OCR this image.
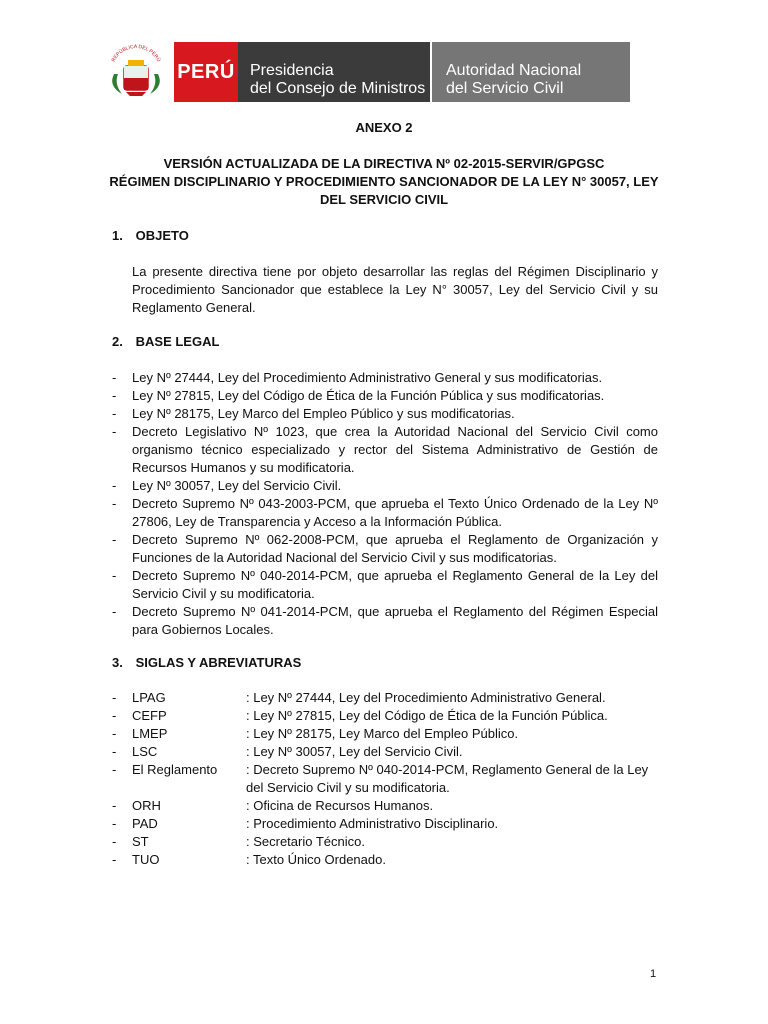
REPÚBLICA DEL PERÚ
PERÚ Presidencia
del Consejo de Ministros
Autoridad Nacional
del Servicio Civil
ANEXO 2
VERSIÓN ACTUALIZADA DE LA DIRECTIVA Nº 02-2015-SERVIR/GPGSC
RÉGIMEN DISCIPLINARIO Y PROCEDIMIENTO SANCIONADOR DE LA LEY N° 30057, LEY DEL SERVICIO CIVIL
1. OBJETO
La presente directiva tiene por objeto desarrollar las reglas del Régimen Disciplinario y Procedimiento Sancionador que establece la Ley N° 30057, Ley del Servicio Civil y su Reglamento General.
2. BASE LEGAL
- Ley Nº 27444, Ley del Procedimiento Administrativo General y sus modificatorias.
- Ley Nº 27815, Ley del Código de Ética de la Función Pública y sus modificatorias.
- Ley Nº 28175, Ley Marco del Empleo Público y sus modificatorias.
- Decreto Legislativo Nº 1023, que crea la Autoridad Nacional del Servicio Civil como organismo técnico especializado y rector del Sistema Administrativo de Gestión de Recursos Humanos y su modificatoria.
- Ley Nº 30057, Ley del Servicio Civil.
- Decreto Supremo Nº 043-2003-PCM, que aprueba el Texto Único Ordenado de la Ley Nº 27806, Ley de Transparencia y Acceso a la Información Pública.
- Decreto Supremo Nº 062-2008-PCM, que aprueba el Reglamento de Organización y Funciones de la Autoridad Nacional del Servicio Civil y sus modificatorias.
- Decreto Supremo Nº 040-2014-PCM, que aprueba el Reglamento General de la Ley del Servicio Civil y su modificatoria.
- Decreto Supremo Nº 041-2014-PCM, que aprueba el Reglamento del Régimen Especial para Gobiernos Locales.
3. SIGLAS Y ABREVIATURAS
-	LPAG	: Ley Nº 27444, Ley del Procedimiento Administrativo General.
-	CEFP	: Ley Nº 27815, Ley del Código de Ética de la Función Pública.
-	LMEP	: Ley Nº 28175, Ley Marco del Empleo Público.
-	LSC	: Ley Nº 30057, Ley del Servicio Civil.
-	El Reglamento	: Decreto Supremo Nº 040-2014-PCM, Reglamento General de la Ley del Servicio Civil y su modificatoria.
-	ORH	: Oficina de Recursos Humanos.
-	PAD	: Procedimiento Administrativo Disciplinario.
-	ST	: Secretario Técnico.
-	TUO	: Texto Único Ordenado.
1
